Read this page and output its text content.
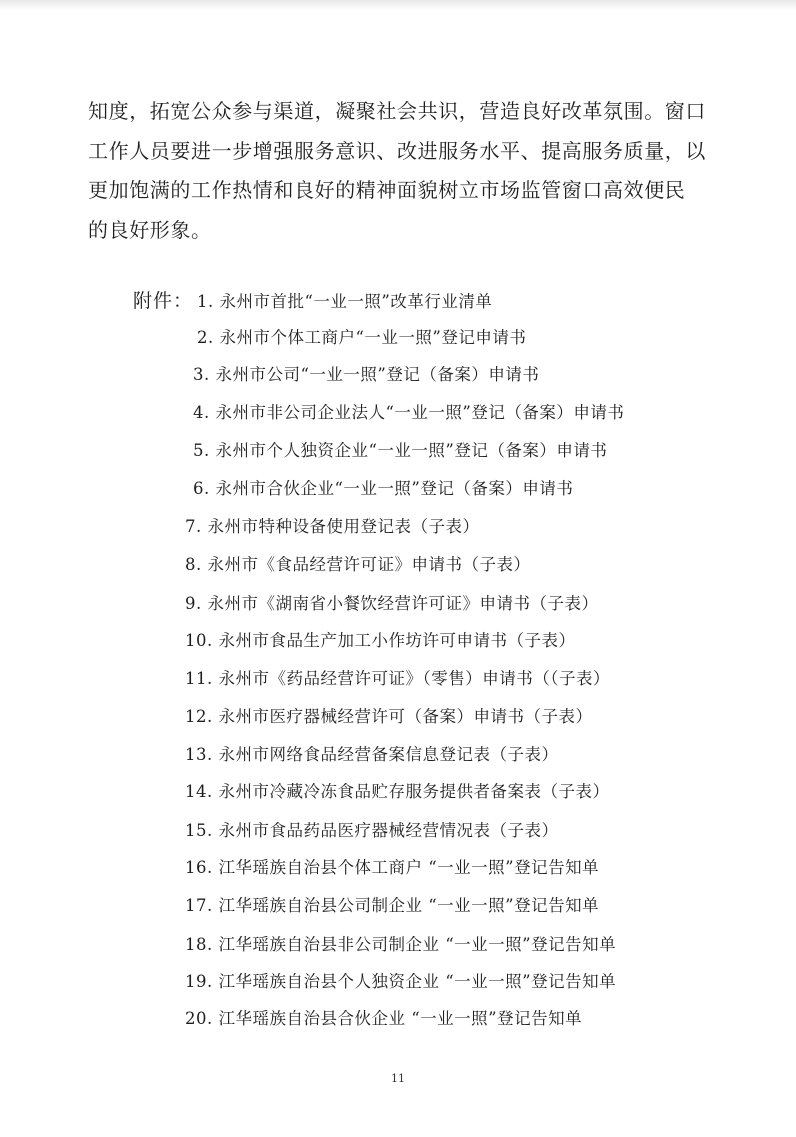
知度，拓宽公众参与渠道，凝聚社会共识，营造良好改革氛围。窗口
工作人员要进一步增强服务意识、改进服务水平、提高服务质量，以
更加饱满的工作热情和良好的精神面貌树立市场监管窗口高效便民
的良好形象。
附件： 1. 永州市首批“一业一照”改革行业清单
2. 永州市个体工商户“一业一照”登记申请书
3. 永州市公司“一业一照”登记（备案）申请书
4. 永州市非公司企业法人“一业一照”登记（备案）申请书
5. 永州市个人独资企业“一业一照”登记（备案）申请书
6. 永州市合伙企业“一业一照”登记（备案）申请书
7. 永州市特种设备使用登记表（子表）
8. 永州市《食品经营许可证》申请书（子表）
9. 永州市《湖南省小餐饮经营许可证》申请书（子表）
10. 永州市食品生产加工小作坊许可申请书（子表）
11. 永州市《药品经营许可证》（零售）申请书（（子表）
12. 永州市医疗器械经营许可（备案）申请书（子表）
13. 永州市网络食品经营备案信息登记表（子表）
14. 永州市冷藏冷冻食品贮存服务提供者备案表（子表）
15. 永州市食品药品医疗器械经营情况表（子表）
16. 江华瑶族自治县个体工商户 “一业一照”登记告知单
17. 江华瑶族自治县公司制企业 “一业一照”登记告知单
18. 江华瑶族自治县非公司制企业 “一业一照”登记告知单
19. 江华瑶族自治县个人独资企业 “一业一照”登记告知单
20. 江华瑶族自治县合伙企业 “一业一照”登记告知单
11
